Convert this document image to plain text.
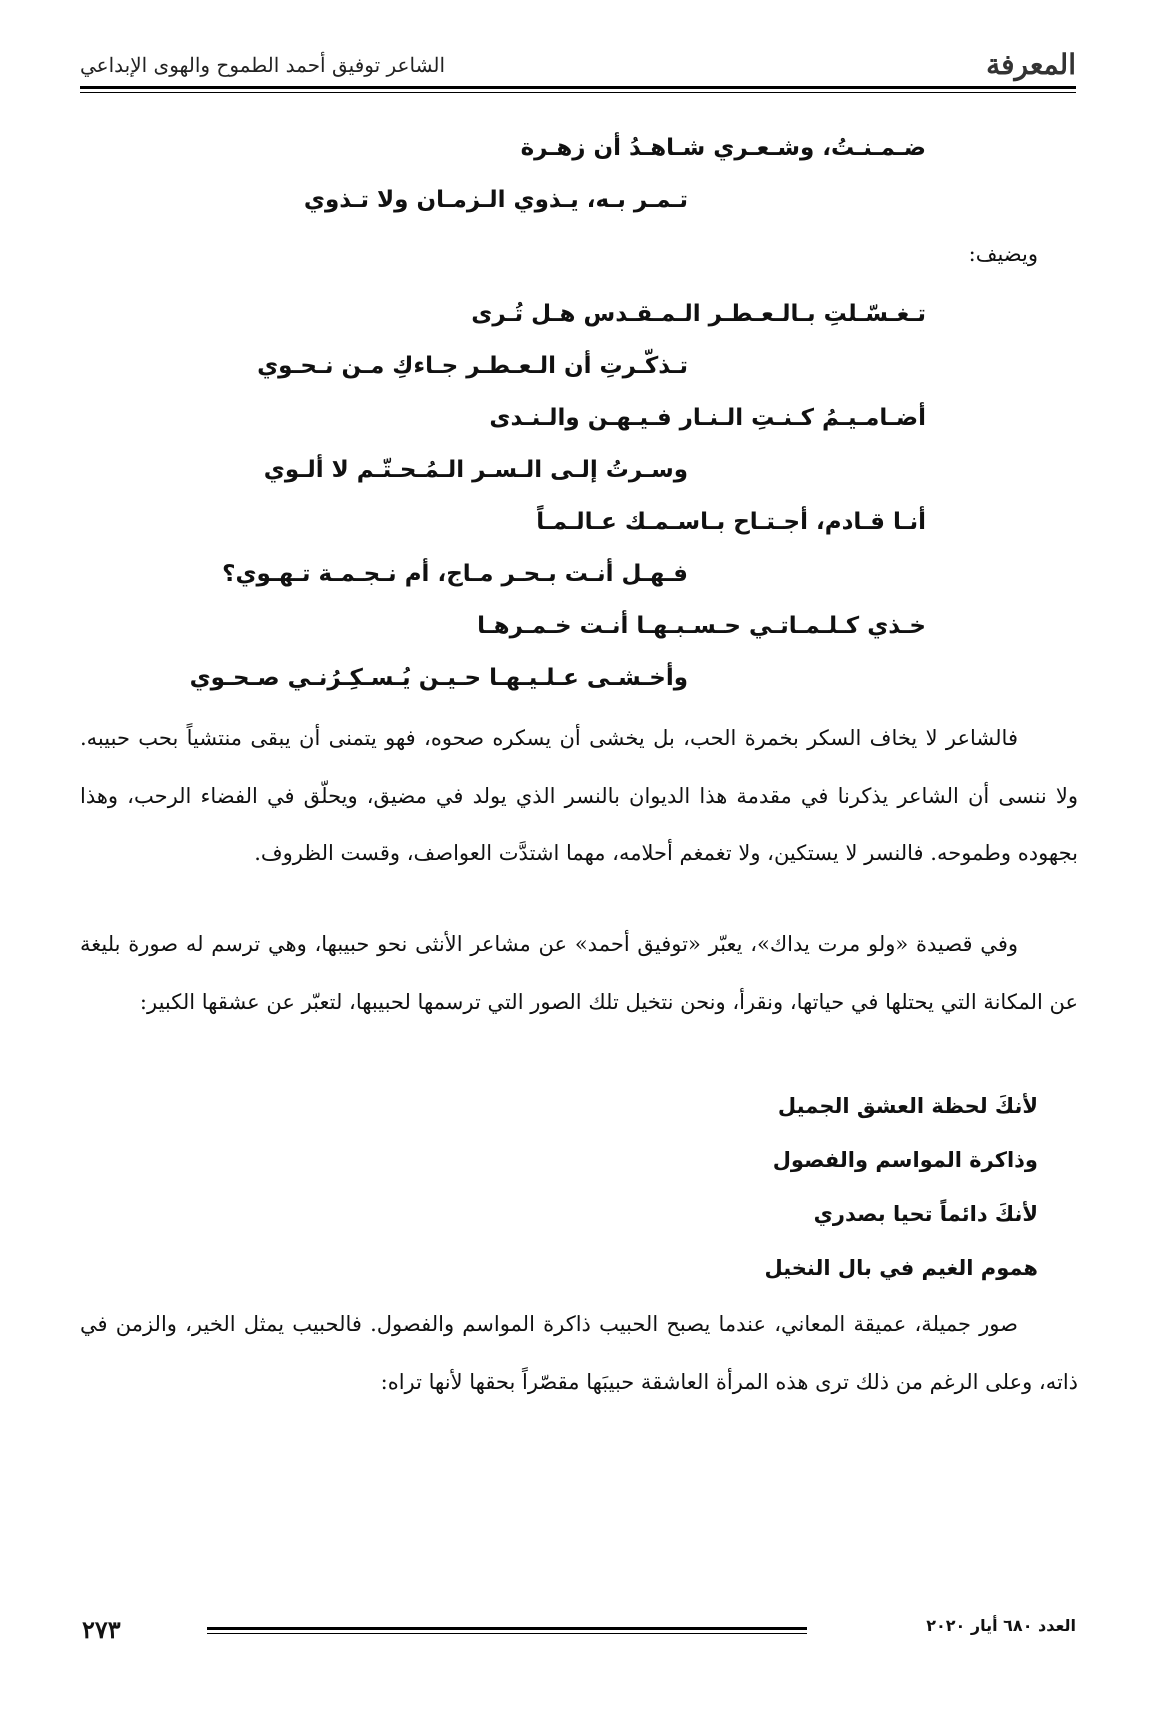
المعرفة
الشاعر توفيق أحمد الطموح والهوى الإبداعي
ضـمـنـتُ، وشـعـري شـاهـدُ أن زهـرة
تـمـر بـه، يـذوي الـزمـان ولا تـذوي
ويضيف:
تـغـسّـلتِ بـالـعـطـر الـمـقـدس هـل تُـرى
تـذكّـرتِ أن الـعـطـر جـاءكِ مـن نـحـوي
أضـامـيـمُ كـنـتِ الـنـار فـيـهـن والـنـدى
وسـرتُ إلـى الـسـر الـمُـحـتّـم لا ألـوي
أنـا قـادم، أجـتـاح بـاسـمـك عـالـمـاً
فـهـل أنـت بـحـر مـاج، أم نـجـمـة تـهـوي؟
خـذي كـلـمـاتـي حـسـبـهـا أنـت خـمـرهـا
وأخـشـى عـلـيـهـا حـيـن يُـسـكِـرُنـي صـحـوي

فالشاعر لا يخاف السكر بخمرة الحب، بل يخشى أن يسكره صحوه، فهو يتمنى أن يبقى منتشياً بحب حبيبه. ولا ننسى أن الشاعر يذكرنا في مقدمة هذا الديوان بالنسر الذي يولد في مضيق، ويحلّق في الفضاء الرحب، وهذا بجهوده وطموحه. فالنسر لا يستكين، ولا تغمغم أحلامه، مهما اشتدَّت العواصف، وقست الظروف.

وفي قصيدة «ولو مرت يداك»، يعبّر «توفيق أحمد» عن مشاعر الأنثى نحو حبيبها، وهي ترسم له صورة بليغة عن المكانة التي يحتلها في حياتها، ونقرأ، ونحن نتخيل تلك الصور التي ترسمها لحبيبها، لتعبّر عن عشقها الكبير:

لأنكَ لحظة العشق الجميل
وذاكرة المواسم والفصول
لأنكَ دائماً تحيا بصدري
هموم الغيم في بال النخيل

صور جميلة، عميقة المعاني، عندما يصبح الحبيب ذاكرة المواسم والفصول. فالحبيب يمثل الخير، والزمن في ذاته، وعلى الرغم من ذلك ترى هذه المرأة العاشقة حبيبَها مقصّراً بحقها لأنها تراه:

٢٧٣	العدد ٦٨٠ أيار ٢٠٢٠
